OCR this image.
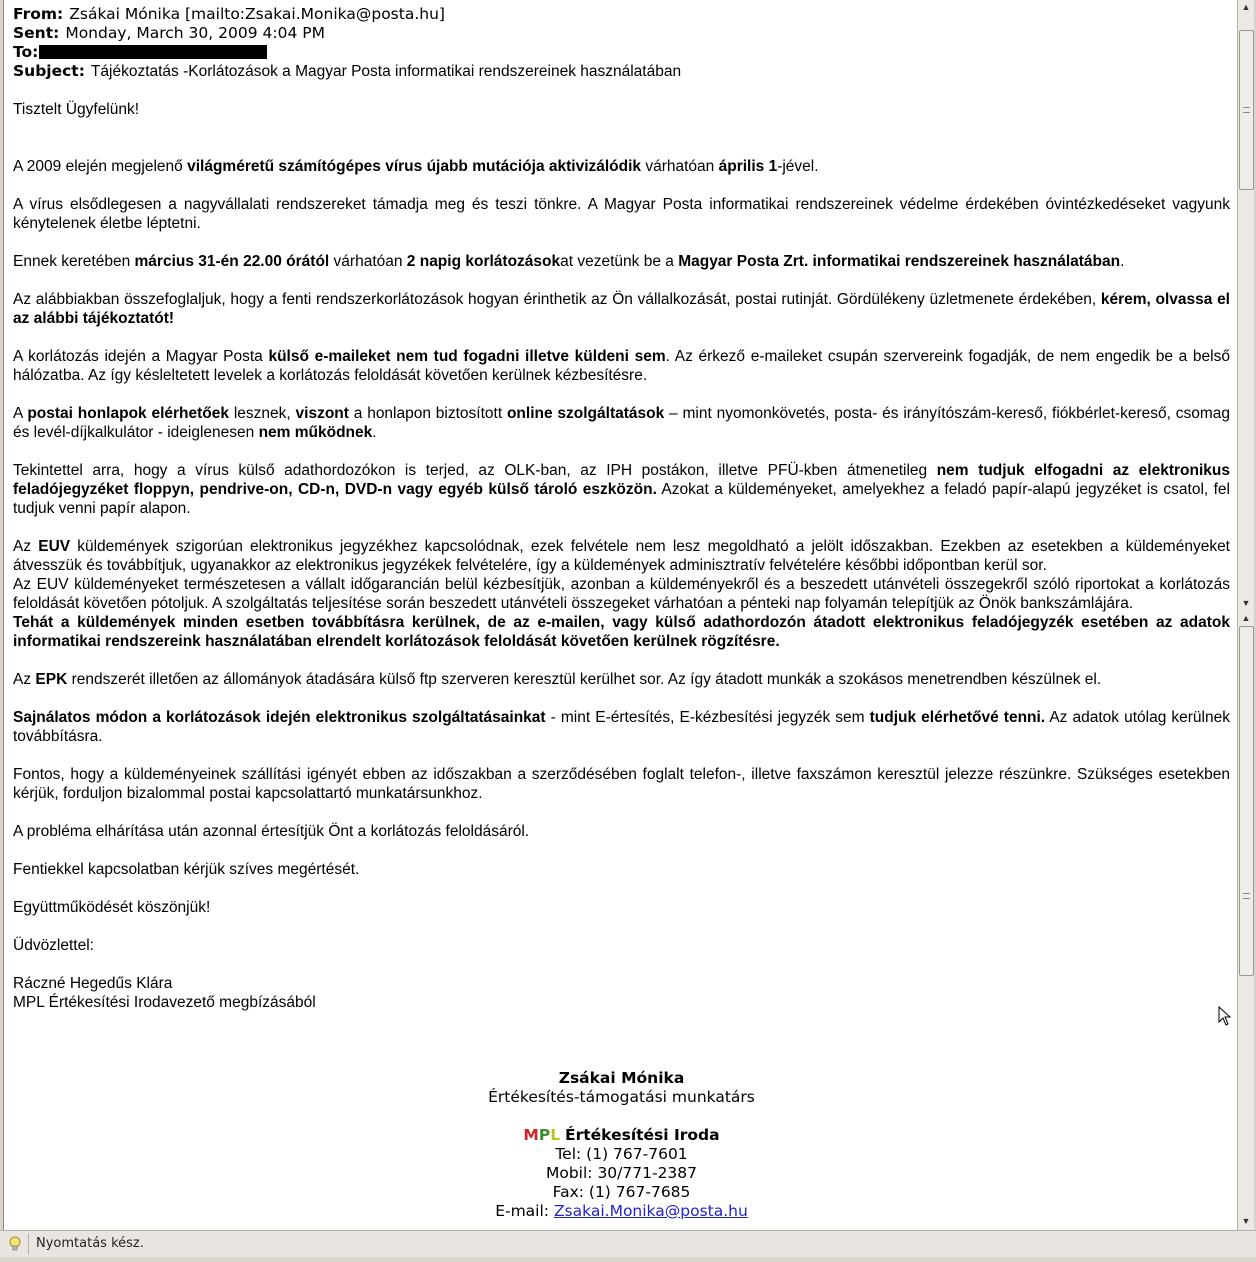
From: Zsákai Mónika [mailto:Zsakai.Monika@posta.hu]
Sent: Monday, March 30, 2009 4:04 PM
To:
Subject: Tájékoztatás -Korlátozások a Magyar Posta informatikai rendszereinek használatában

Tisztelt Ügyfelünk!

A 2009 elején megjelenő világméretű számítógépes vírus újabb mutációja aktivizálódik várhatóan április 1-jével.

A vírus elsődlegesen a nagyvállalati rendszereket támadja meg és teszi tönkre. A Magyar Posta informatikai rendszereinek védelme érdekében óvintézkedéseket vagyunk kénytelenek életbe léptetni.

Ennek keretében március 31-én 22.00 órától várhatóan 2 napig korlátozásokat vezetünk be a Magyar Posta Zrt. informatikai rendszereinek használatában.

Az alábbiakban összefoglaljuk, hogy a fenti rendszerkorlátozások hogyan érinthetik az Ön vállalkozását, postai rutinját. Gördülékeny üzletmenete érdekében, kérem, olvassa el az alábbi tájékoztatót!

A korlátozás idején a Magyar Posta külső e-maileket nem tud fogadni illetve küldeni sem. Az érkező e-maileket csupán szervereink fogadják, de nem engedik be a belső hálózatba. Az így késleltetett levelek a korlátozás feloldását követően kerülnek kézbesítésre.

A postai honlapok elérhetőek lesznek, viszont a honlapon biztosított online szolgáltatások – mint nyomonkövetés, posta- és irányítószám-kereső, fiókbérlet-kereső, csomag és levél-díjkalkulátor - ideiglenesen nem működnek.

Tekintettel arra, hogy a vírus külső adathordozókon is terjed, az OLK-ban, az IPH postákon, illetve PFÜ-kben átmenetileg nem tudjuk elfogadni az elektronikus feladójegyzéket floppyn, pendrive-on, CD-n, DVD-n vagy egyéb külső tároló eszközön. Azokat a küldeményeket, amelyekhez a feladó papír-alapú jegyzéket is csatol, fel tudjuk venni papír alapon.

Az EUV küldemények szigorúan elektronikus jegyzékhez kapcsolódnak, ezek felvétele nem lesz megoldható a jelölt időszakban. Ezekben az esetekben a küldeményeket átvesszük és továbbítjuk, ugyanakkor az elektronikus jegyzékek felvételére, így a küldemények adminisztratív felvételére későbbi időpontban kerül sor.

Az EUV küldeményeket természetesen a vállalt időgarancián belül kézbesítjük, azonban a küldeményekről és a beszedett utánvételi összegekről szóló riportokat a korlátozás feloldását követően pótoljuk. A szolgáltatás teljesítése során beszedett utánvételi összegeket várhatóan a pénteki nap folyamán telepítjük az Önök bankszámlájára.

Tehát a küldemények minden esetben továbbításra kerülnek, de az e-mailen, vagy külső adathordozón átadott elektronikus feladójegyzék esetében az adatok informatikai rendszereink használatában elrendelt korlátozások feloldását követően kerülnek rögzítésre.

Az EPK rendszerét illetően az állományok átadására külső ftp szerveren keresztül kerülhet sor. Az így átadott munkák a szokásos menetrendben készülnek el.

Sajnálatos módon a korlátozások idején elektronikus szolgáltatásainkat - mint E-értesítés, E-kézbesítési jegyzék sem tudjuk elérhetővé tenni. Az adatok utólag kerülnek továbbításra.

Fontos, hogy a küldeményeinek szállítási igényét ebben az időszakban a szerződésében foglalt telefon-, illetve faxszámon keresztül jelezze részünkre. Szükséges esetekben kérjük, forduljon bizalommal postai kapcsolattartó munkatársunkhoz.

A probléma elhárítása után azonnal értesítjük Önt a korlátozás feloldásáról.

Fentiekkel kapcsolatban kérjük szíves megértését.

Együttműködését köszönjük!

Üdvözlettel:

Ráczné Hegedűs Klára

MPL Értékesítési Irodavezető megbízásából

Zsákai Mónika
Értékesítés-támogatási munkatárs
MPL Értékesítési Iroda
Tel: (1) 767-7601
Mobil: 30/771-2387
Fax: (1) 767-7685
E-mail: Zsakai.Monika@posta.hu
▲
▼
▲
▼
Nyomtatás kész.
